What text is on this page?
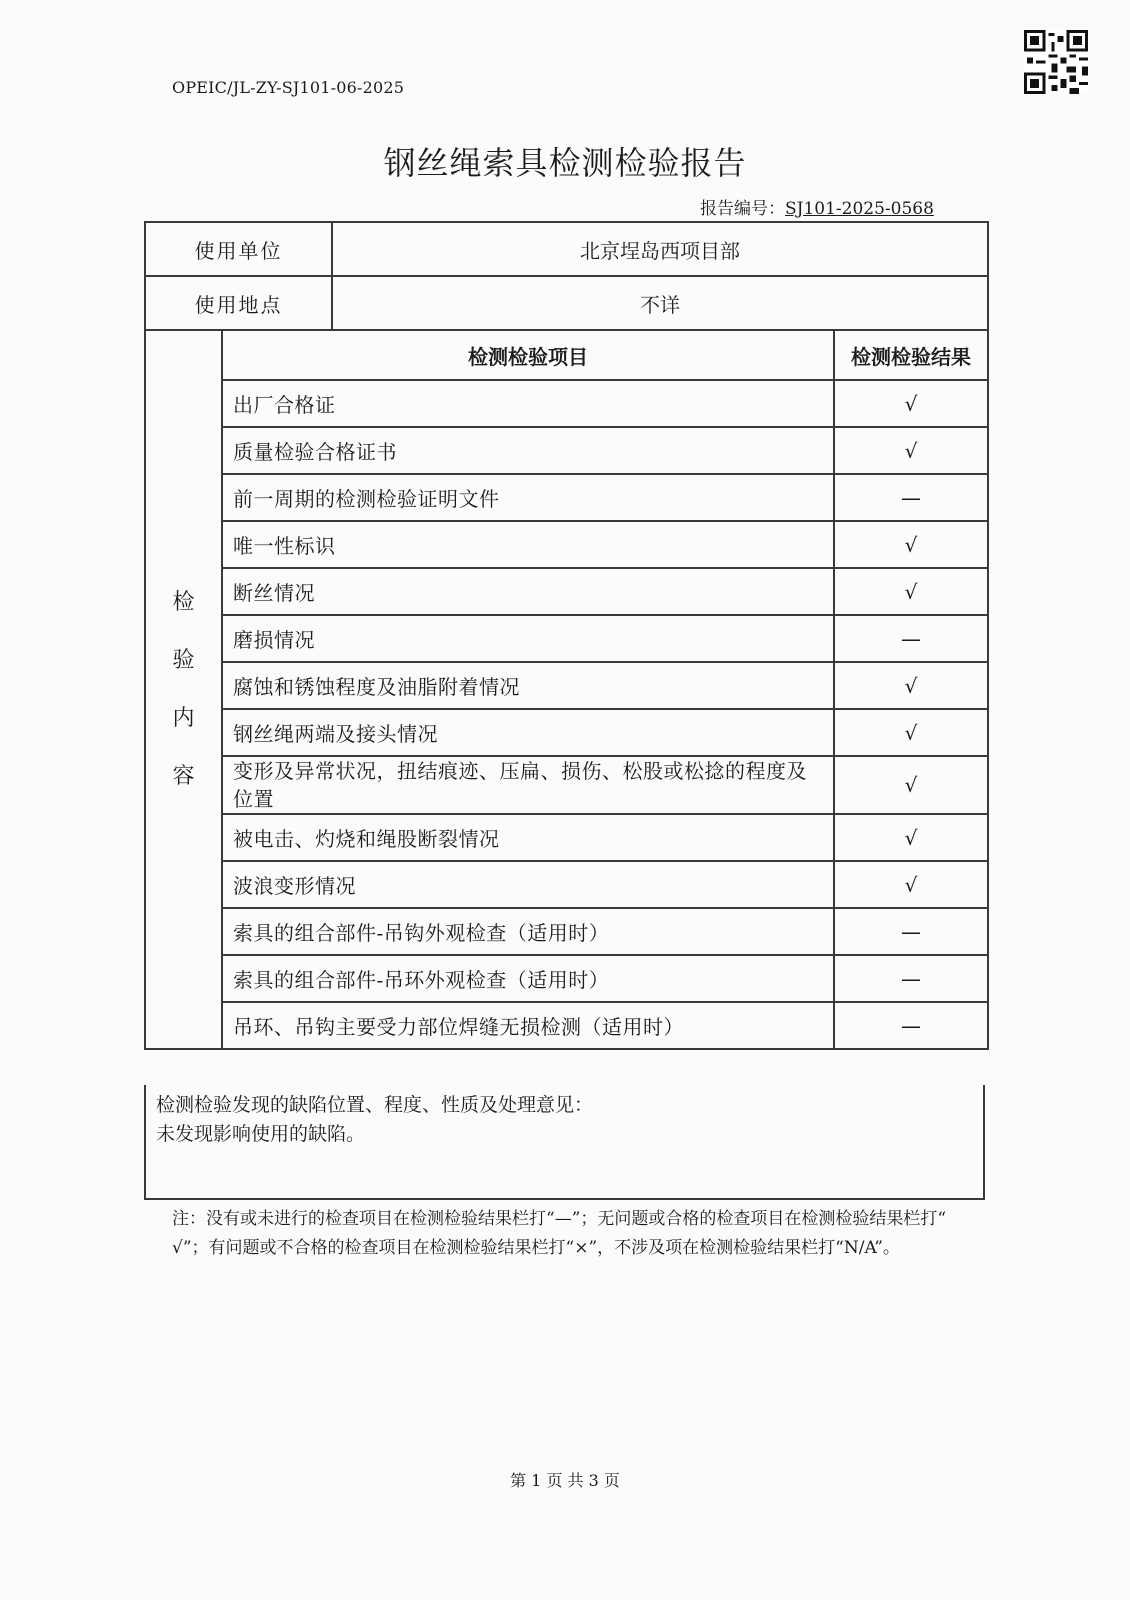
OPEIC/JL-ZY-SJ101-06-2025
钢丝绳索具检测检验报告
报告编号：SJ101-2025-0568
使用单位	北京埕岛西项目部
使用地点	不详
检验内容	检测检验项目	检测检验结果
	出厂合格证	√
	质量检验合格证书	√
	前一周期的检测检验证明文件	—
	唯一性标识	√
	断丝情况	√
	磨损情况	—
	腐蚀和锈蚀程度及油脂附着情况	√
	钢丝绳两端及接头情况	√
	变形及异常状况，扭结痕迹、压扁、损伤、松股或松捻的程度及位置	√
	被电击、灼烧和绳股断裂情况	√
	波浪变形情况	√
	索具的组合部件-吊钩外观检查（适用时）	—
	索具的组合部件-吊环外观检查（适用时）	—
	吊环、吊钩主要受力部位焊缝无损检测（适用时）	—
检测检验发现的缺陷位置、程度、性质及处理意见：
未发现影响使用的缺陷。
注：没有或未进行的检查项目在检测检验结果栏打“—”；无问题或合格的检查项目在检测检验结果栏打“ √”；有问题或不合格的检查项目在检测检验结果栏打“×”，不涉及项在检测检验结果栏打“N/A”。
第 1 页 共 3 页
